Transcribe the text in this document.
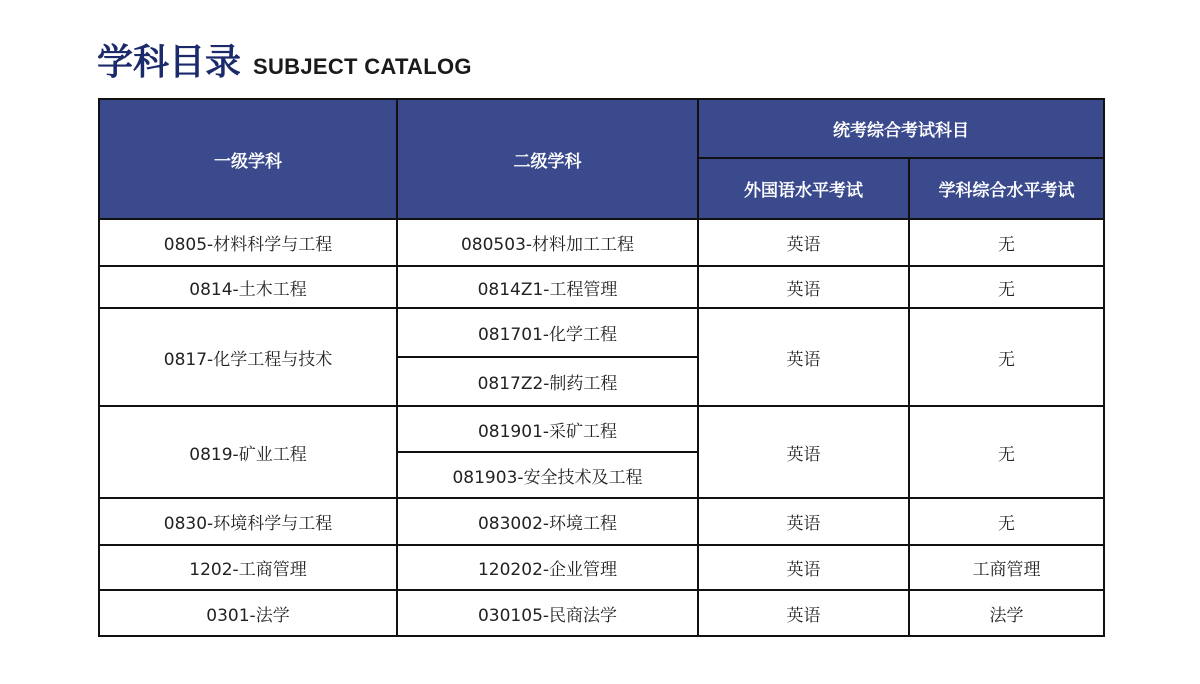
学科目录 SUBJECT CATALOG
一级学科	二级学科	统考综合考试科目	
		外国语水平考试	学科综合水平考试
0805-材料科学与工程	080503-材料加工工程	英语	无
0814-土木工程	0814Z1-工程管理	英语	无
0817-化学工程与技术	081701-化学工程	英语	无
	0817Z2-制药工程		
0819-矿业工程	081901-采矿工程	英语	无
	081903-安全技术及工程		
0830-环境科学与工程	083002-环境工程	英语	无
1202-工商管理	120202-企业管理	英语	工商管理
0301-法学	030105-民商法学	英语	法学
